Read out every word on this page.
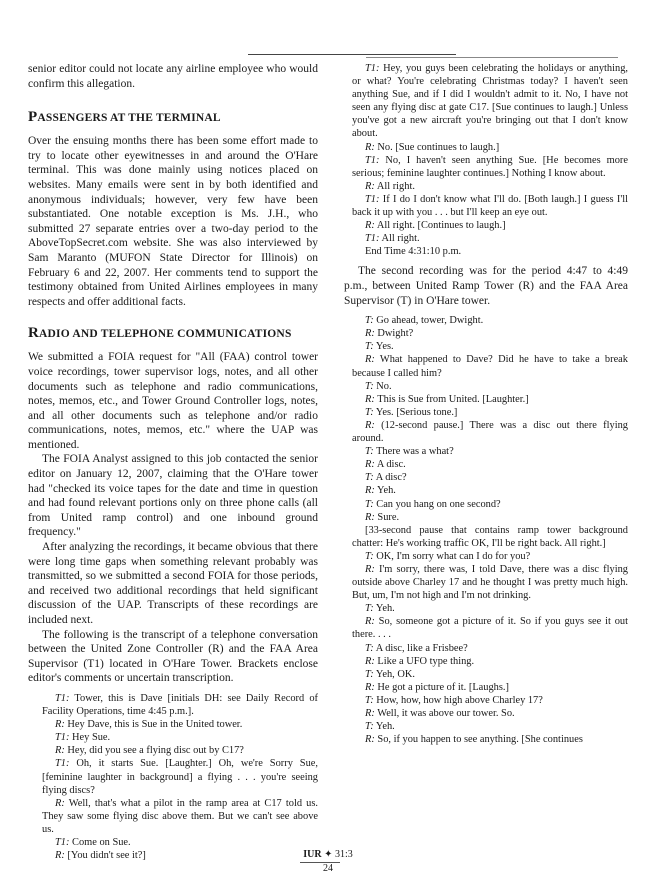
senior editor could not locate any airline employee who would confirm this allegation.

PASSENGERS AT THE TERMINAL

Over the ensuing months there has been some effort made to try to locate other eyewitnesses in and around the O'Hare terminal. This was done mainly using notices placed on websites. Many emails were sent in by both identified and anonymous individuals; however, very few have been substantiated. One notable exception is Ms. J.H., who submitted 27 separate entries over a two-day period to the AboveTopSecret.com website. She was also interviewed by Sam Maranto (MUFON State Director for Illinois) on February 6 and 22, 2007. Her comments tend to support the testimony obtained from United Airlines employees in many respects and offer additional facts.

RADIO AND TELEPHONE COMMUNICATIONS

We submitted a FOIA request for "All (FAA) control tower voice recordings, tower supervisor logs, notes, and all other documents such as telephone and radio communications, notes, memos, etc., and Tower Ground Controller logs, notes, and all other documents such as telephone and/or radio communications, notes, memos, etc." where the UAP was mentioned.

The FOIA Analyst assigned to this job contacted the senior editor on January 12, 2007, claiming that the O'Hare tower had "checked its voice tapes for the date and time in question and had found relevant portions only on three phone calls (all from United ramp control) and one inbound ground frequency."

After analyzing the recordings, it became obvious that there were long time gaps when something relevant probably was transmitted, so we submitted a second FOIA for those periods, and received two additional recordings that held significant discussion of the UAP. Transcripts of these recordings are included next.

The following is the transcript of a telephone conversation between the United Zone Controller (R) and the FAA Area Supervisor (T1) located in O'Hare Tower. Brackets enclose editor's comments or uncertain transcription.

T1: Tower, this is Dave [initials DH: see Daily Record of Facility Operations, time 4:45 p.m.].

R: Hey Dave, this is Sue in the United tower.

T1: Hey Sue.

R: Hey, did you see a flying disc out by C17?

T1: Oh, it starts Sue. [Laughter.] Oh, we're Sorry Sue, [feminine laughter in background] a flying . . . you're seeing flying discs?

R: Well, that's what a pilot in the ramp area at C17 told us. They saw some flying disc above them. But we can't see above us.

T1: Come on Sue.

R: [You didn't see it?]

T1: Hey, you guys been celebrating the holidays or anything, or what? You're celebrating Christmas today? I haven't seen anything Sue, and if I did I wouldn't admit to it. No, I have not seen any flying disc at gate C17. [Sue continues to laugh.] Unless you've got a new aircraft you're bringing out that I don't know about.

R: No. [Sue continues to laugh.]

T1: No, I haven't seen anything Sue. [He becomes more serious; feminine laughter continues.] Nothing I know about.

R: All right.

T1: If I do I don't know what I'll do. [Both laugh.] I guess I'll back it up with you . . . but I'll keep an eye out.

R: All right. [Continues to laugh.]

T1: All right.

End Time 4:31:10 p.m.

The second recording was for the period 4:47 to 4:49 p.m., between United Ramp Tower (R) and the FAA Area Supervisor (T) in O'Hare tower.

T: Go ahead, tower, Dwight.

R: Dwight?

T: Yes.

R: What happened to Dave? Did he have to take a break because I called him?

T: No.

R: This is Sue from United. [Laughter.]

T: Yes. [Serious tone.]

R: (12-second pause.] There was a disc out there flying around.

T: There was a what?

R: A disc.

T: A disc?

R: Yeh.

T: Can you hang on one second?

R: Sure.

[33-second pause that contains ramp tower background chatter: He's working traffic OK, I'll be right back. All right.]

T: OK, I'm sorry what can I do for you?

R: I'm sorry, there was, I told Dave, there was a disc flying outside above Charley 17 and he thought I was pretty much high. But, um, I'm not high and I'm not drinking.

T: Yeh.

R: So, someone got a picture of it. So if you guys see it out there. . . .

T: A disc, like a Frisbee?

R: Like a UFO type thing.

T: Yeh, OK.

R: He got a picture of it. [Laughs.]

T: How, how, how high above Charley 17?

R: Well, it was above our tower. So.

T: Yeh.

R: So, if you happen to see anything. [She continues

IUR ✦ 31:3
24
